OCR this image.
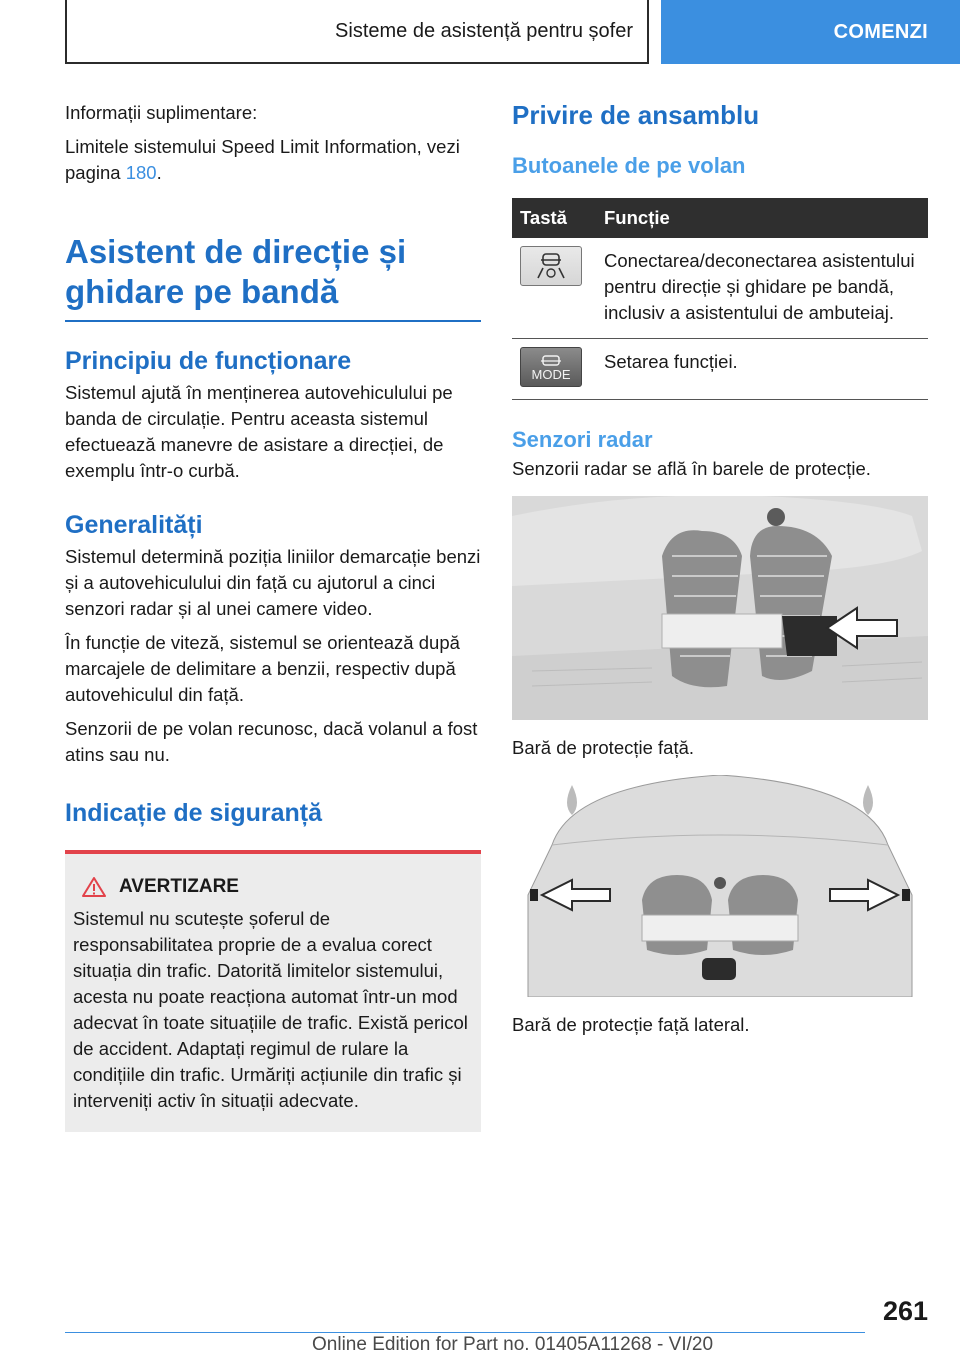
Sisteme de asistență pentru șofer	COMENZI
Informații suplimentare:
Limitele sistemului Speed Limit Information, vezi pagina 180.
Asistent de direcție și
ghidare pe bandă
Principiu de funcționare
Sistemul ajută în menținerea autovehiculului pe banda de circulație. Pentru aceasta sistemul efectuează manevre de asistare a direcției, de exemplu într-o curbă.
Generalități
Sistemul determină poziția liniilor demarcație benzi și a autovehiculului din față cu ajutorul a cinci senzori radar și al unei camere video.
În funcție de viteză, sistemul se orientează după marcajele de delimitare a benzii, respectiv după autovehiculul din față.
Senzorii de pe volan recunosc, dacă volanul a fost atins sau nu.
Indicație de siguranță
AVERTIZARE
Sistemul nu scutește șoferul de responsabilitatea proprie de a evalua corect situația din trafic. Datorită limitelor sistemului, acesta nu poate reacționa automat într-un mod adecvat în toate situațiile de trafic. Există pericol de accident. Adaptați regimul de rulare la condițiile din trafic. Urmăriți acțiunile din trafic și interveniți activ în situații adecvate.
Privire de ansamblu
Butoanele de pe volan
Tastă	Funcție

	Conectarea/deconectarea asistentului pentru direcție și ghidare pe bandă, inclusiv a asistentului de ambuteiaj.

MODE	Setarea funcției.
Senzori radar
Senzorii radar se află în barele de protecție.
Bară de protecție față.
Bară de protecție față lateral.
261
Online Edition for Part no. 01405A11268 - VI/20
